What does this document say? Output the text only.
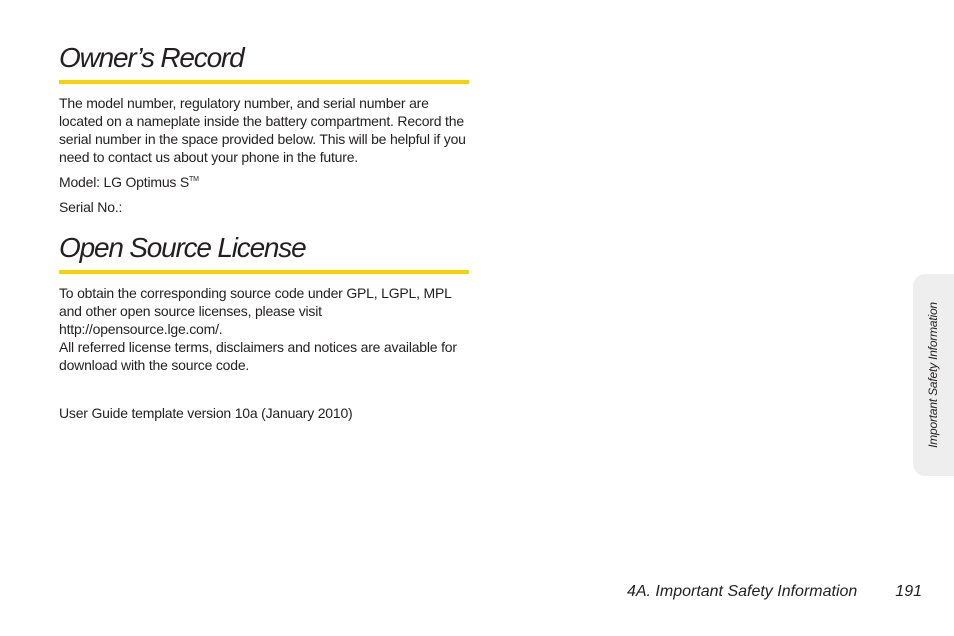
Owner’s Record

The model number, regulatory number, and serial number are located on a nameplate inside the battery compartment. Record the serial number in the space provided below. This will be helpful if you need to contact us about your phone in the future.

Model: LG Optimus S™

Serial No.:

Open Source License

To obtain the corresponding source code under GPL, LGPL, MPL and other open source licenses, please visit http://opensource.lge.com/.
All referred license terms, disclaimers and notices are available for download with the source code.

User Guide template version 10a (January 2010)	Important Safety Information
4A. Important Safety Information 191
